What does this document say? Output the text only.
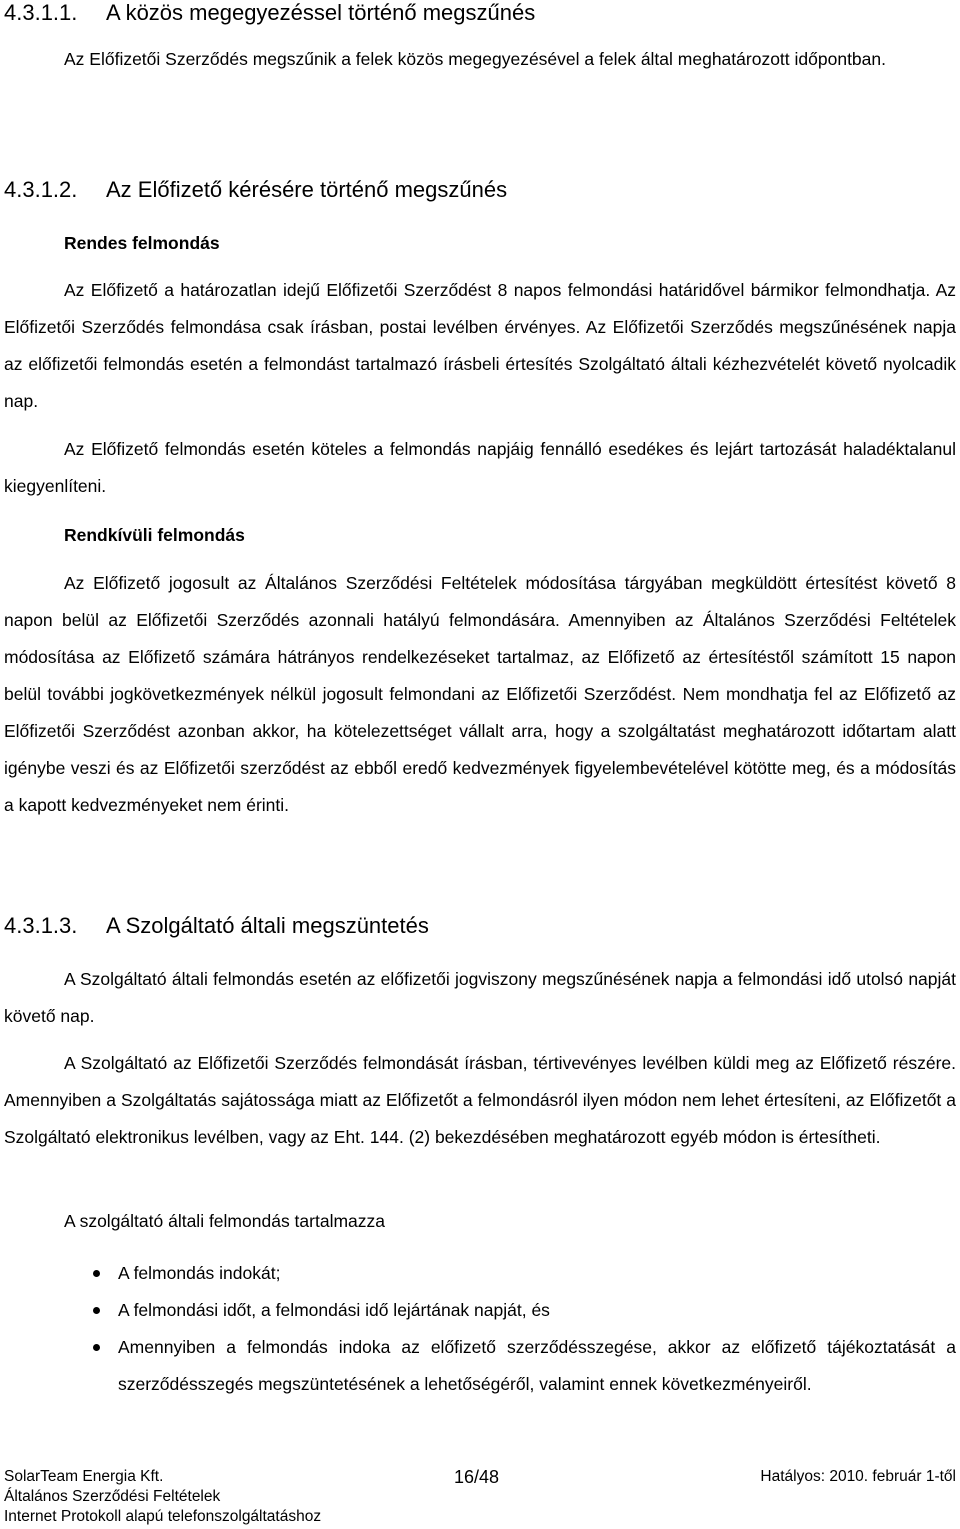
4.3.1.1. A közös megegyezéssel történő megszűnés

Az Előfizetői Szerződés megszűnik a felek közös megegyezésével a felek által meghatározott időpontban.

4.3.1.2. Az Előfizető kérésére történő megszűnés
Rendes felmondás

Az Előfizető a határozatlan idejű Előfizetői Szerződést 8 napos felmondási határidővel bármikor felmondhatja. Az Előfizetői Szerződés felmondása csak írásban, postai levélben érvényes. Az Előfizetői Szerződés megszűnésének napja az előfizetői felmondás esetén a felmondást tartalmazó írásbeli értesítés Szolgáltató általi kézhezvételét követő nyolcadik nap.

Az Előfizető felmondás esetén köteles a felmondás napjáig fennálló esedékes és lejárt tartozását haladéktalanul kiegyenlíteni.

Rendkívüli felmondás

Az Előfizető jogosult az Általános Szerződési Feltételek módosítása tárgyában megküldött értesítést követő 8 napon belül az Előfizetői Szerződés azonnali hatályú felmondására. Amennyiben az Általános Szerződési Feltételek módosítása az Előfizető számára hátrányos rendelkezéseket tartalmaz, az Előfizető az értesítéstől számított 15 napon belül további jogkövetkezmények nélkül jogosult felmondani az Előfizetői Szerződést. Nem mondhatja fel az Előfizető az Előfizetői Szerződést azonban akkor, ha kötelezettséget vállalt arra, hogy a szolgáltatást meghatározott időtartam alatt igénybe veszi és az Előfizetői szerződést az ebből eredő kedvezmények figyelembevételével kötötte meg, és a módosítás a kapott kedvezményeket nem érinti.

4.3.1.3. A Szolgáltató általi megszüntetés

A Szolgáltató általi felmondás esetén az előfizetői jogviszony megszűnésének napja a felmondási idő utolsó napját követő nap.

A Szolgáltató az Előfizetői Szerződés felmondását írásban, tértivevényes levélben küldi meg az Előfizető részére. Amennyiben a Szolgáltatás sajátossága miatt az Előfizetőt a felmondásról ilyen módon nem lehet értesíteni, az Előfizetőt a Szolgáltató elektronikus levélben, vagy az Eht. 144. (2) bekezdésében meghatározott egyéb módon is értesítheti.

A szolgáltató általi felmondás tartalmazza

A felmondás indokát;
A felmondási időt, a felmondási idő lejártának napját, és
Amennyiben a felmondás indoka az előfizető szerződésszegése, akkor az előfizető tájékoztatását a szerződésszegés megszüntetésének a lehetőségéről, valamint ennek következményeiről.
SolarTeam Energia Kft.	16/48	Hatályos: 2010. február 1-től
Általános Szerződési Feltételek
Internet Protokoll alapú telefonszolgáltatáshoz
